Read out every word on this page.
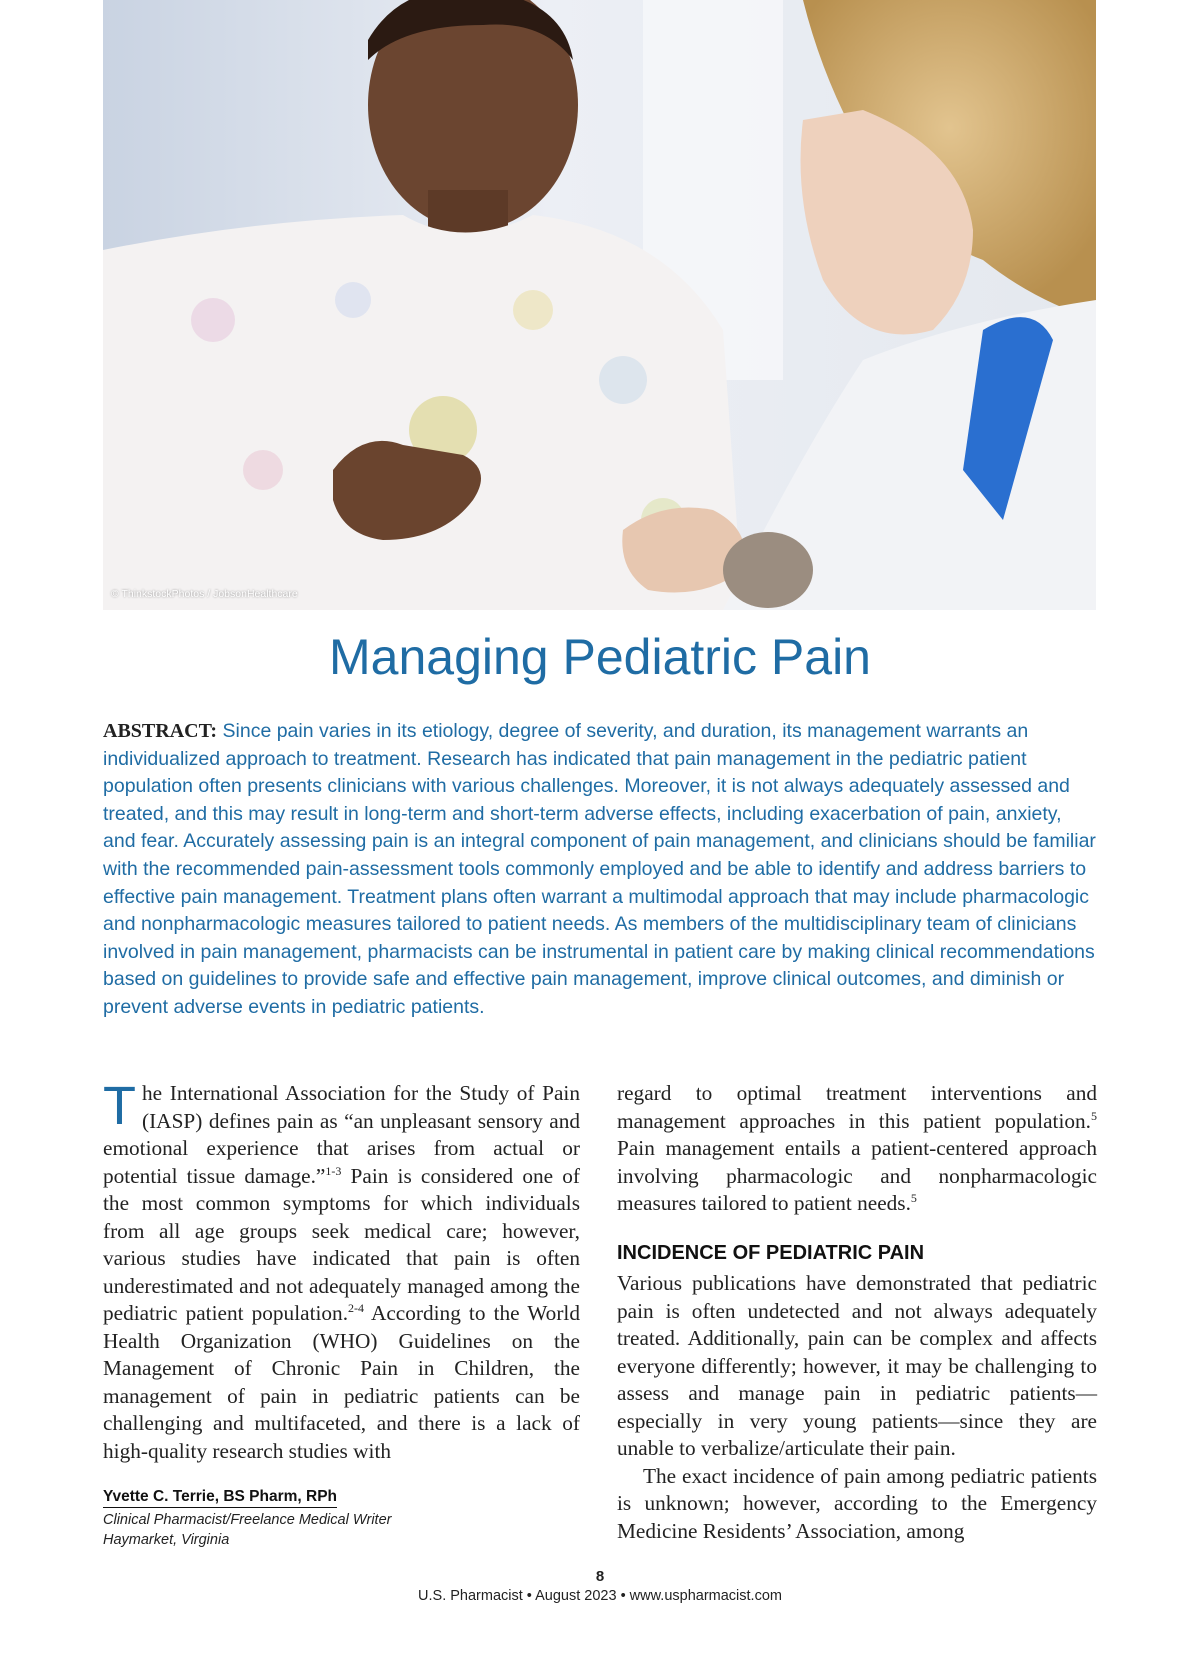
© ThinkstockPhotos / JobsonHealthcare
Managing Pediatric Pain

ABSTRACT: Since pain varies in its etiology, degree of severity, and duration, its management warrants an individualized approach to treatment. Research has indicated that pain management in the pediatric patient population often presents clinicians with various challenges. Moreover, it is not always adequately assessed and treated, and this may result in long-term and short-term adverse effects, including exacerbation of pain, anxiety, and fear. Accurately assessing pain is an integral component of pain management, and clinicians should be familiar with the recommended pain-assessment tools commonly employed and be able to identify and address barriers to effective pain management. Treatment plans often warrant a multimodal approach that may include pharmacologic and nonpharmacologic measures tailored to patient needs. As members of the multidisciplinary team of clinicians involved in pain management, pharmacists can be instrumental in patient care by making clinical recommendations based on guidelines to provide safe and effective pain management, improve clinical outcomes, and diminish or prevent adverse events in pediatric patients.

The International Association for the Study of Pain (IASP) defines pain as “an unpleasant sensory and emotional experience that arises from actual or potential tissue damage.”$^{1-3}$ Pain is considered one of the most common symptoms for which individuals from all age groups seek medical care; however, various studies have indicated that pain is often underestimated and not adequately managed among the pediatric patient population.$^{2-4}$ According to the World Health Organization (WHO) Guidelines on the Management of Chronic Pain in Children, the management of pain in pediatric patients can be challenging and multifaceted, and there is a lack of high-quality research studies with

regard to optimal treatment interventions and management approaches in this patient population.$^5$ Pain management entails a patient-centered approach involving pharmacologic and nonpharmacologic measures tailored to patient needs.$^5$

INCIDENCE OF PEDIATRIC PAIN

Various publications have demonstrated that pediatric pain is often undetected and not always adequately treated. Additionally, pain can be complex and affects everyone differently; however, it may be challenging to assess and manage pain in pediatric patients—especially in very young patients—since they are unable to verbalize/articulate their pain.

The exact incidence of pain among pediatric patients is unknown; however, according to the Emergency Medicine Residents’ Association, among

Yvette C. Terrie, BS Pharm, RPh
Clinical Pharmacist/Freelance Medical Writer
Haymarket, Virginia
8
U.S. Pharmacist • August 2023 • www.uspharmacist.com
